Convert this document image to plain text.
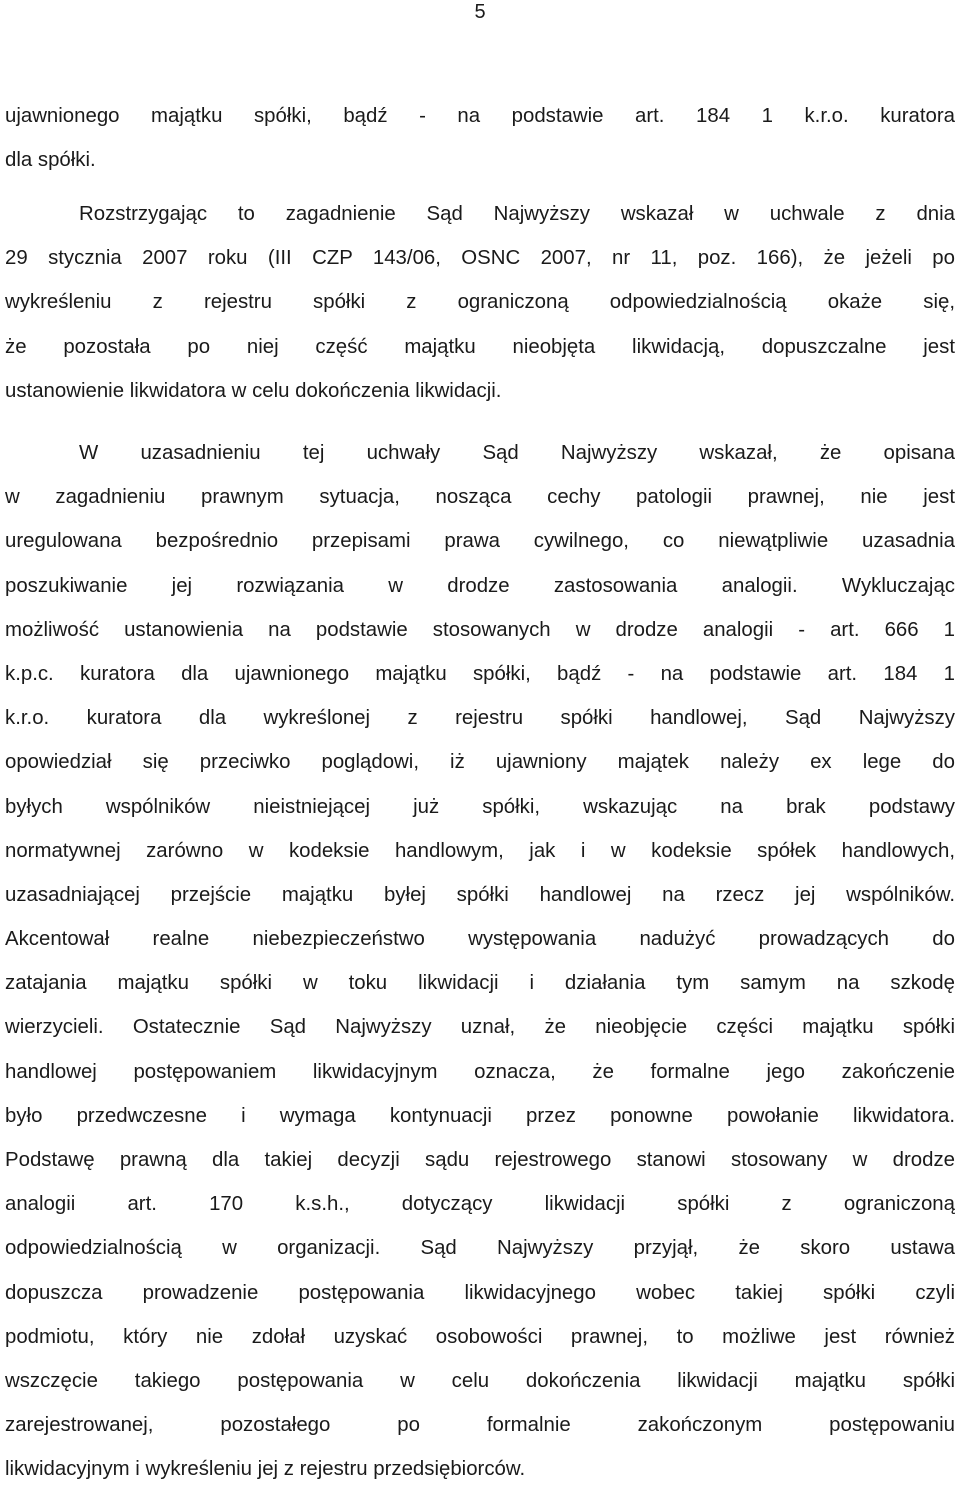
5
ujawnionego majątku spółki, bądź - na podstawie art. 184 1 k.r.o. kuratora
dla spółki.
Rozstrzygając to zagadnienie Sąd Najwyższy wskazał w uchwale z dnia
29 stycznia 2007 roku (III CZP 143/06, OSNC 2007, nr 11, poz. 166), że jeżeli po
wykreśleniu z rejestru spółki z ograniczoną odpowiedzialnością okaże się,
że pozostała po niej część majątku nieobjęta likwidacją, dopuszczalne jest
ustanowienie likwidatora w celu dokończenia likwidacji.
W uzasadnieniu tej uchwały Sąd Najwyższy wskazał, że opisana
w zagadnieniu prawnym sytuacja, nosząca cechy patologii prawnej, nie jest
uregulowana bezpośrednio przepisami prawa cywilnego, co niewątpliwie uzasadnia
poszukiwanie jej rozwiązania w drodze zastosowania analogii. Wykluczając
możliwość ustanowienia na podstawie stosowanych w drodze analogii - art. 666 1
k.p.c. kuratora dla ujawnionego majątku spółki, bądź - na podstawie art. 184 1
k.r.o. kuratora dla wykreślonej z rejestru spółki handlowej, Sąd Najwyższy
opowiedział się przeciwko poglądowi, iż ujawniony majątek należy ex lege do
byłych wspólników nieistniejącej już spółki, wskazując na brak podstawy
normatywnej zarówno w kodeksie handlowym, jak i w kodeksie spółek handlowych,
uzasadniającej przejście majątku byłej spółki handlowej na rzecz jej wspólników.
Akcentował realne niebezpieczeństwo występowania nadużyć prowadzących do
zatajania majątku spółki w toku likwidacji i działania tym samym na szkodę
wierzycieli. Ostatecznie Sąd Najwyższy uznał, że nieobjęcie części majątku spółki
handlowej postępowaniem likwidacyjnym oznacza, że formalne jego zakończenie
było przedwczesne i wymaga kontynuacji przez ponowne powołanie likwidatora.
Podstawę prawną dla takiej decyzji sądu rejestrowego stanowi stosowany w drodze
analogii art. 170 k.s.h., dotyczący likwidacji spółki z ograniczoną
odpowiedzialnością w organizacji. Sąd Najwyższy przyjął, że skoro ustawa
dopuszcza prowadzenie postępowania likwidacyjnego wobec takiej spółki czyli
podmiotu, który nie zdołał uzyskać osobowości prawnej, to możliwe jest również
wszczęcie takiego postępowania w celu dokończenia likwidacji majątku spółki
zarejestrowanej, pozostałego po formalnie zakończonym postępowaniu
likwidacyjnym i wykreśleniu jej z rejestru przedsiębiorców.
